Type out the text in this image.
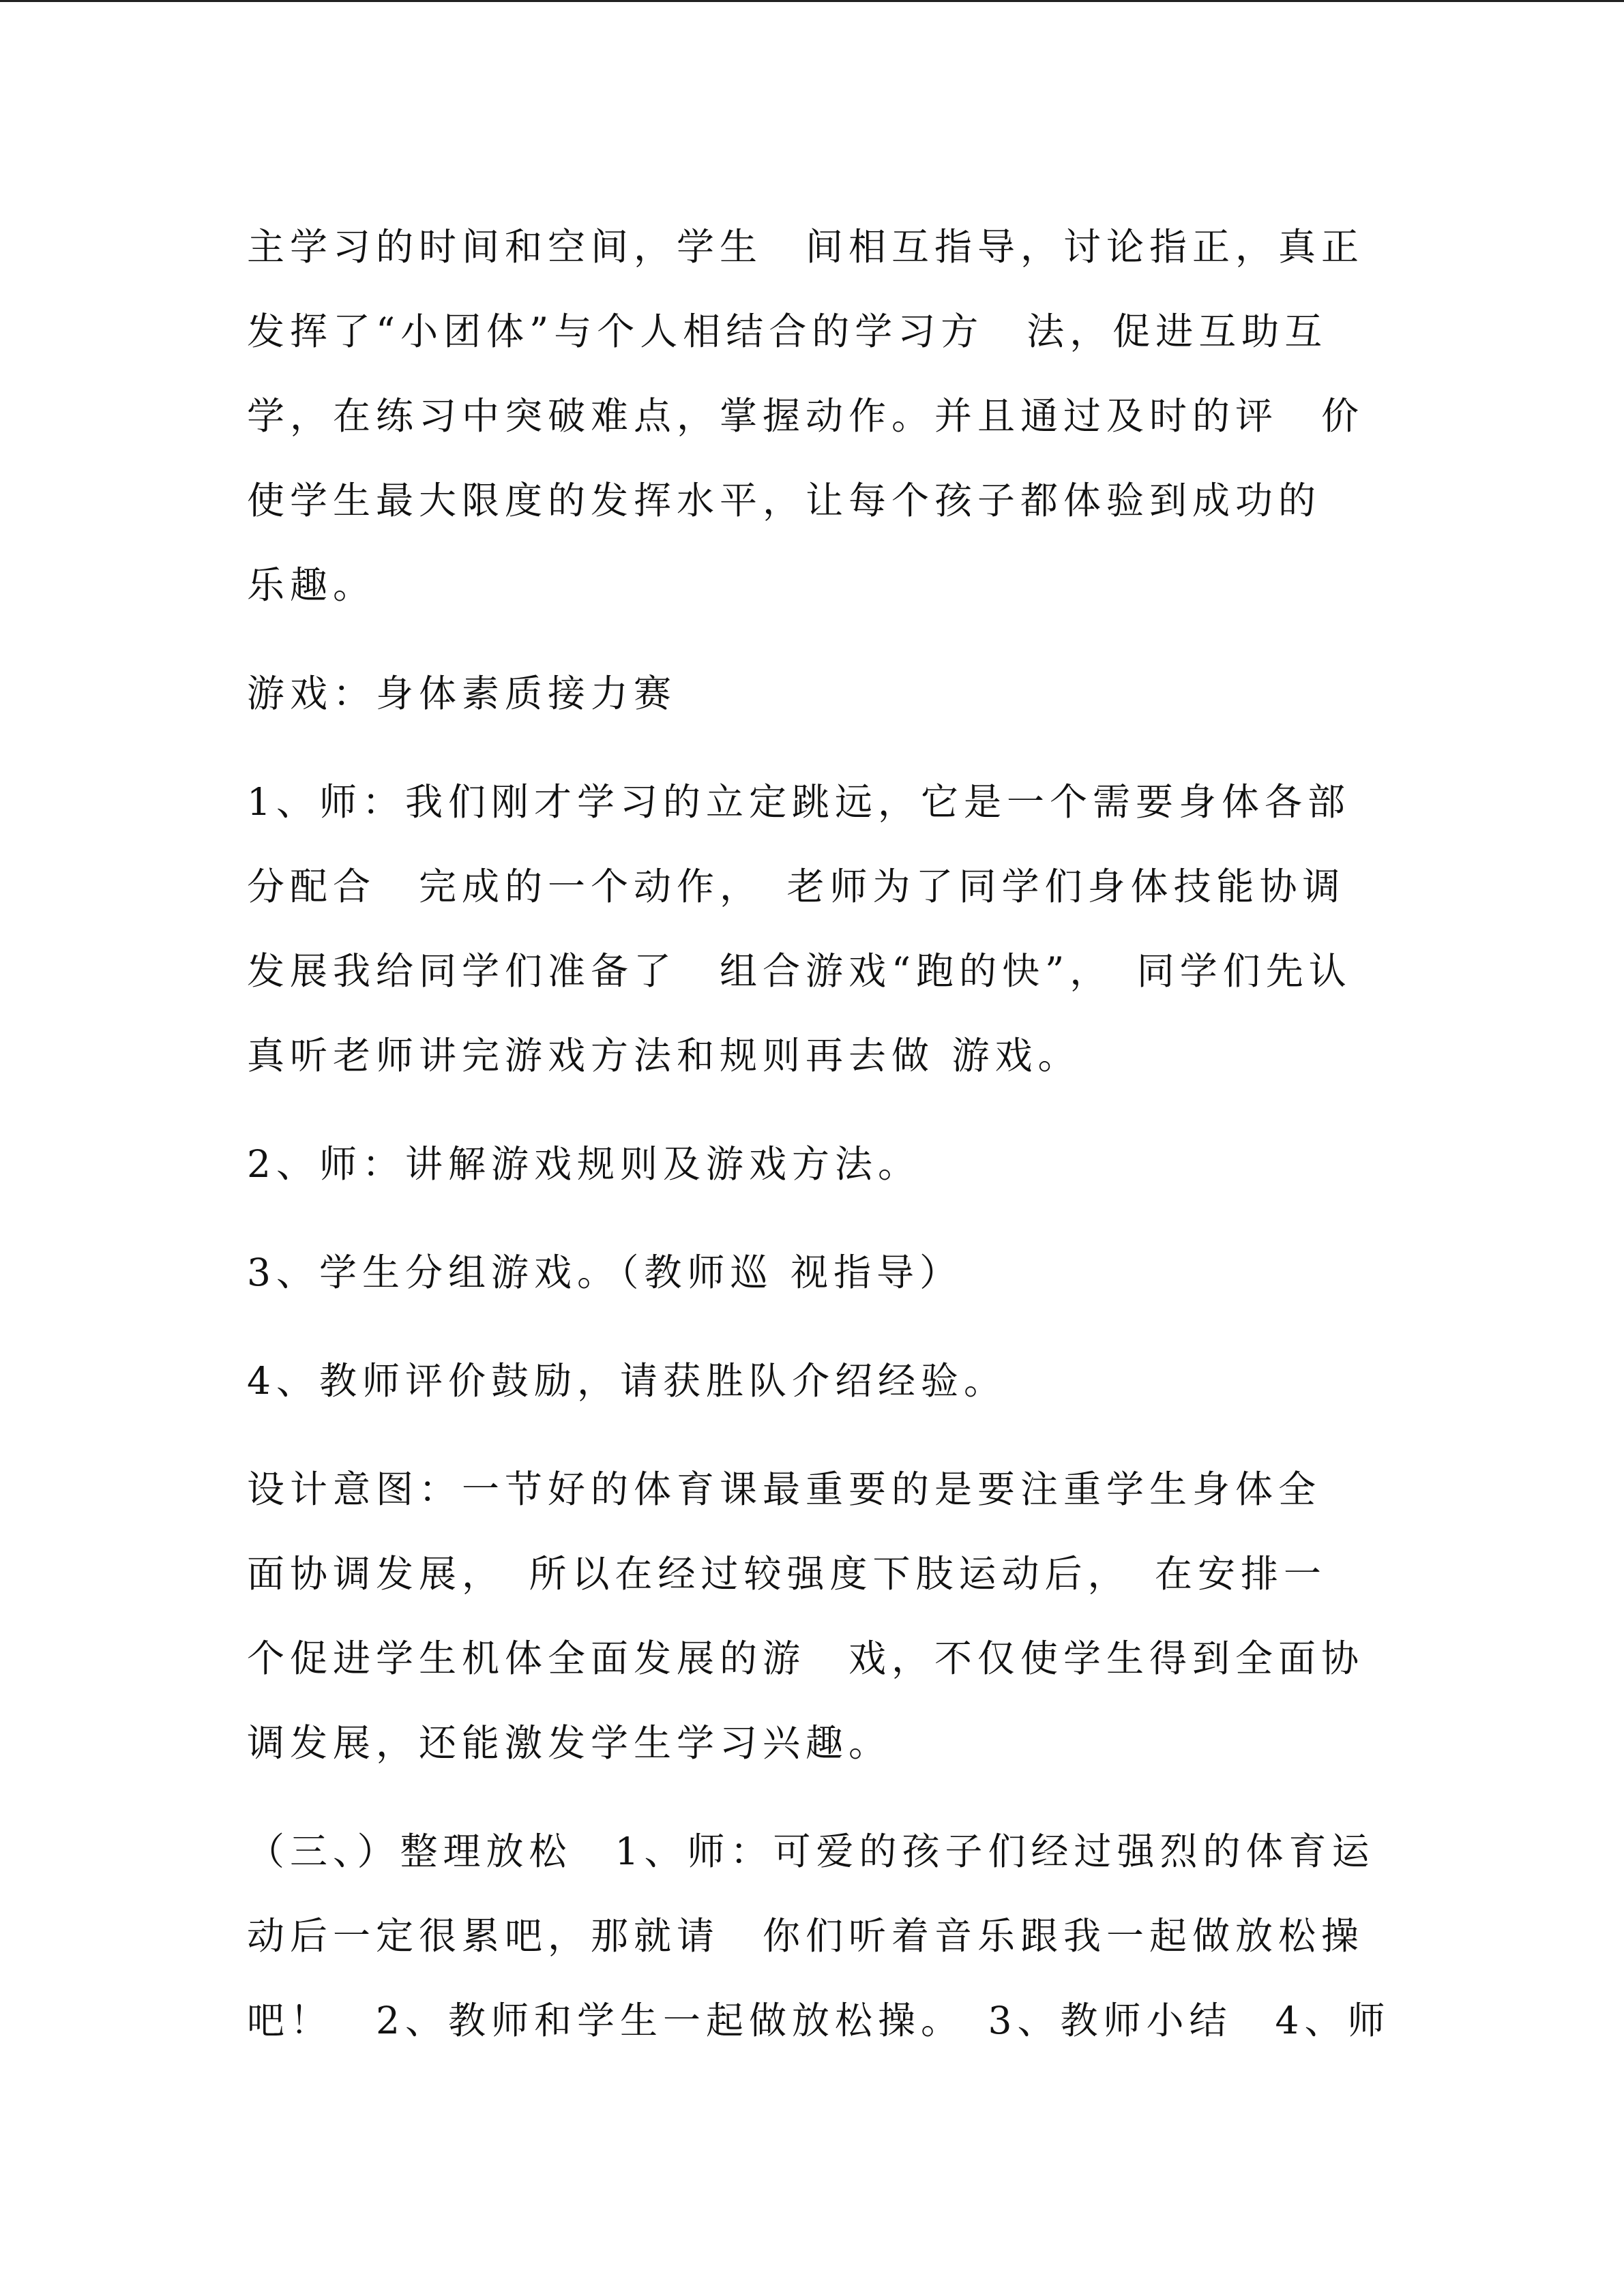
主学习的时间和空间，学生　间相互指导，讨论指正，真正
发挥了“小团体”与个人相结合的学习方　法，促进互助互
学，在练习中突破难点，掌握动作。并且通过及时的评　价
使学生最大限度的发挥水平，让每个孩子都体验到成功的
乐趣。
游戏：身体素质接力赛
1、师：我们刚才学习的立定跳远，它是一个需要身体各部
分配合　完成的一个动作，　老师为了同学们身体技能协调
发展我给同学们准备了　组合游戏“跑的快”，　同学们先认
真听老师讲完游戏方法和规则再去做 游戏。
2、师：讲解游戏规则及游戏方法。
3、学生分组游戏。（教师巡 视指导）
4、教师评价鼓励，请获胜队介绍经验。
设计意图：一节好的体育课最重要的是要注重学生身体全
面协调发展，　所以在经过较强度下肢运动后，　在安排一
个促进学生机体全面发展的游　戏，不仅使学生得到全面协
调发展，还能激发学生学习兴趣。
（三、）整理放松　1、师：可爱的孩子们经过强烈的体育运
动后一定很累吧，那就请　你们听着音乐跟我一起做放松操
吧！　2、教师和学生一起做放松操。　3、教师小结　4、师
